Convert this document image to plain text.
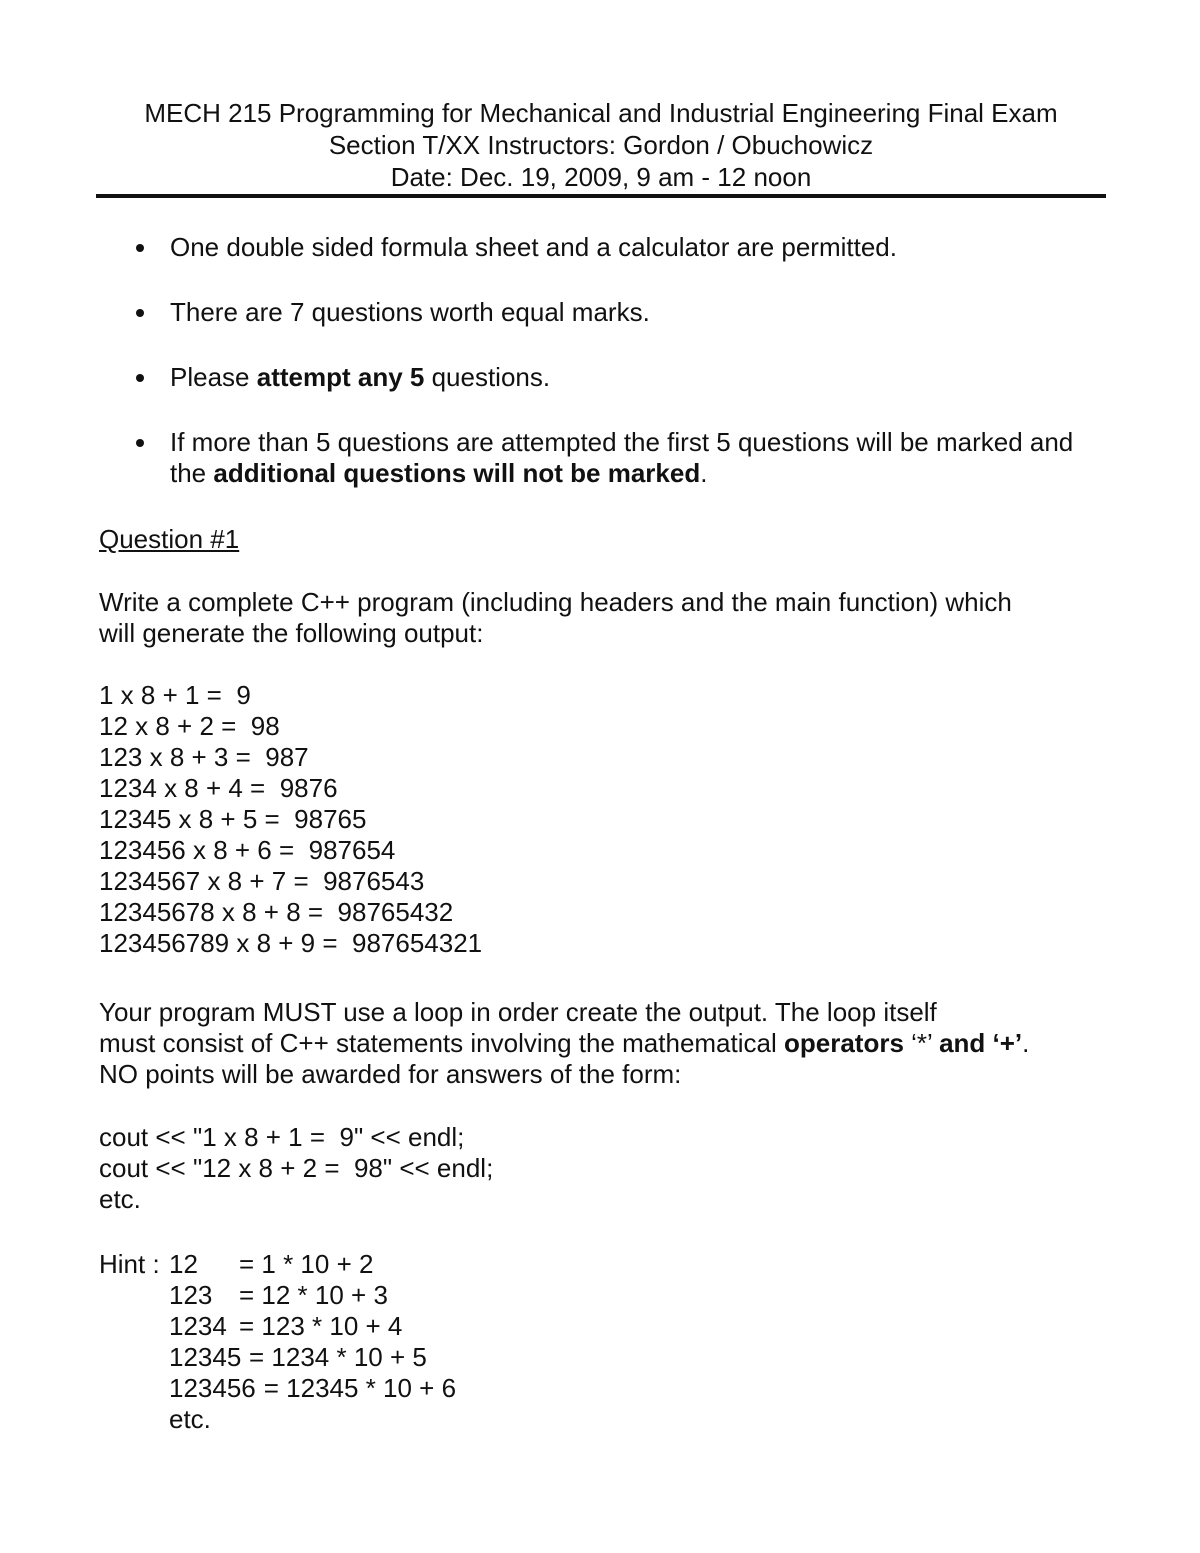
MECH 215 Programming for Mechanical and Industrial Engineering Final Exam
Section T/XX Instructors: Gordon / Obuchowicz
Date: Dec. 19, 2009, 9 am - 12 noon
One double sided formula sheet and a calculator are permitted.
There are 7 questions worth equal marks.
Please attempt any 5 questions.
If more than 5 questions are attempted the first 5 questions will be marked and the additional questions will not be marked.
Question #1
Write a complete C++ program (including headers and the main function) which
will generate the following output:
1 x 8 + 1 =  9
12 x 8 + 2 =  98
123 x 8 + 3 =  987
1234 x 8 + 4 =  9876
12345 x 8 + 5 =  98765
123456 x 8 + 6 =  987654
1234567 x 8 + 7 =  9876543
12345678 x 8 + 8 =  98765432
123456789 x 8 + 9 =  987654321
Your program MUST use a loop in order create the output. The loop itself
must consist of C++ statements involving the mathematical operators ‘*’ and ‘+’.
NO points will be awarded for answers of the form:
cout << "1 x 8 + 1 =  9" << endl;
cout << "12 x 8 + 2 =  98" << endl;
etc.
Hint : 12	= 1 * 10 + 2
123	= 12 * 10 + 3
1234 = 123 * 10 + 4
12345 = 1234 * 10 + 5
123456 = 12345 * 10 + 6
etc.
